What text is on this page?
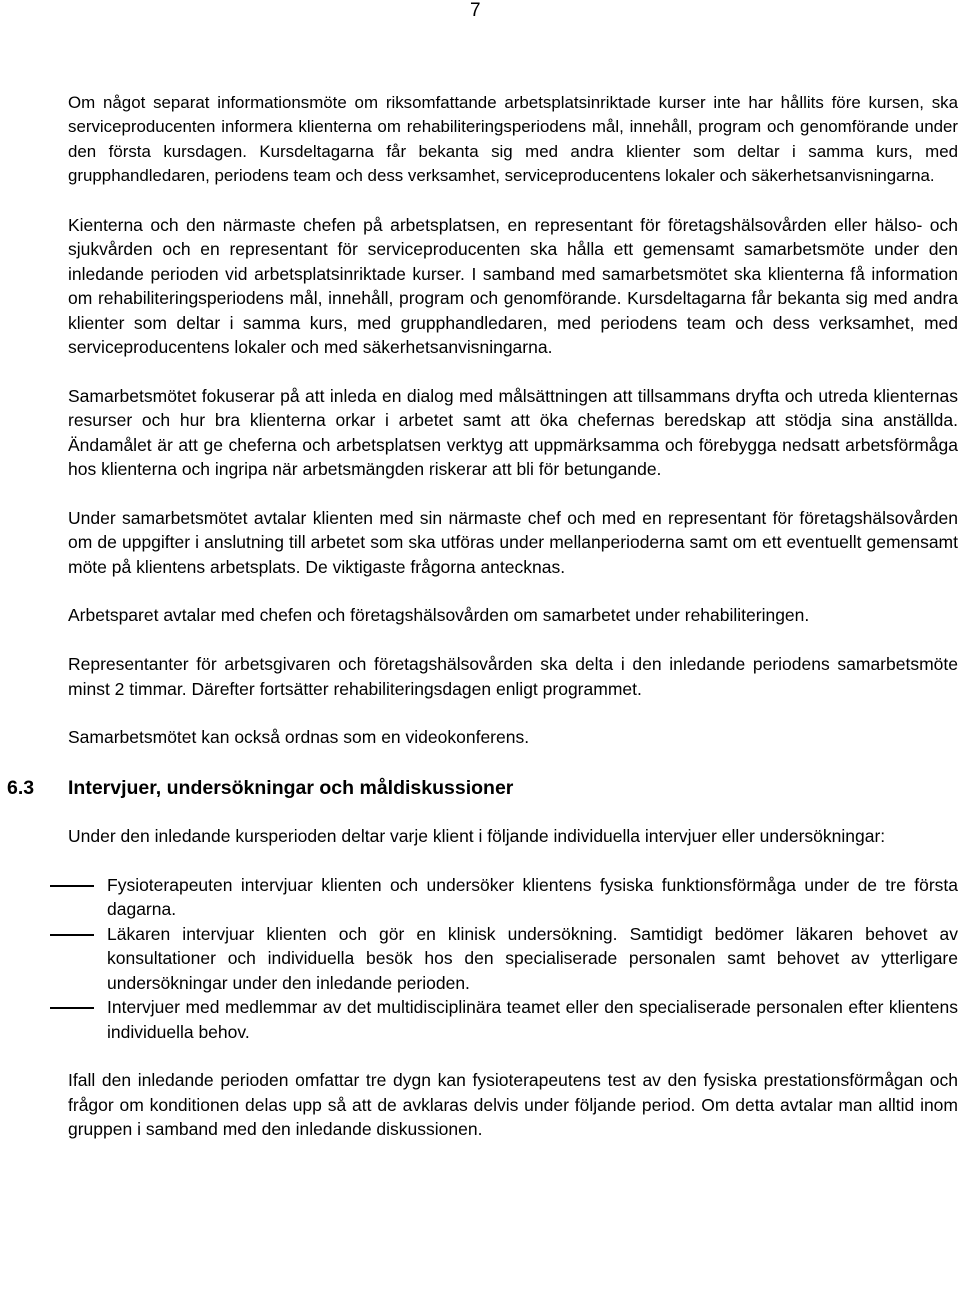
7

Om något separat informationsmöte om riksomfattande arbetsplatsinriktade kurser inte har hållits före kursen, ska serviceproducenten informera klienterna om rehabiliteringsperiodens mål, innehåll, program och genomförande under den första kursdagen. Kursdeltagarna får bekanta sig med andra klienter som deltar i samma kurs, med grupphandledaren, periodens team och dess verksamhet, serviceproducentens lokaler och säkerhetsanvisningarna.

Kienterna och den närmaste chefen på arbetsplatsen, en representant för företagshälsovården eller hälso- och sjukvården och en representant för serviceproducenten ska hålla ett gemensamt samarbetsmöte under den inledande perioden vid arbetsplatsinriktade kurser. I samband med samarbetsmötet ska klienterna få information om rehabiliteringsperiodens mål, innehåll, program och genomförande. Kursdeltagarna får bekanta sig med andra klienter som deltar i samma kurs, med grupphandledaren, med periodens team och dess verksamhet, med serviceproducentens lokaler och med säkerhetsanvisningarna.

Samarbetsmötet fokuserar på att inleda en dialog med målsättningen att tillsammans dryfta och utreda klienternas resurser och hur bra klienterna orkar i arbetet samt att öka chefernas beredskap att stödja sina anställda. Ändamålet är att ge cheferna och arbetsplatsen verktyg att uppmärksamma och förebygga nedsatt arbetsförmåga hos klienterna och ingripa när arbetsmängden riskerar att bli för betungande.

Under samarbetsmötet avtalar klienten med sin närmaste chef och med en representant för företagshälsovården om de uppgifter i anslutning till arbetet som ska utföras under mellanperioderna samt om ett eventuellt gemensamt möte på klientens arbetsplats. De viktigaste frågorna antecknas.

Arbetsparet avtalar med chefen och företagshälsovården om samarbetet under rehabiliteringen.

Representanter för arbetsgivaren och företagshälsovården ska delta i den inledande periodens samarbetsmöte minst 2 timmar. Därefter fortsätter rehabiliteringsdagen enligt programmet.

Samarbetsmötet kan också ordnas som en videokonferens.

6.3 Intervjuer, undersökningar och måldiskussioner

Under den inledande kursperioden deltar varje klient i följande individuella intervjuer eller undersökningar:

Fysioterapeuten intervjuar klienten och undersöker klientens fysiska funktionsförmåga under de tre första dagarna.
Läkaren intervjuar klienten och gör en klinisk undersökning. Samtidigt bedömer läkaren behovet av konsultationer och individuella besök hos den specialiserade personalen samt behovet av ytterligare undersökningar under den inledande perioden.
Intervjuer med medlemmar av det multidisciplinära teamet eller den specialiserade personalen efter klientens individuella behov.

Ifall den inledande perioden omfattar tre dygn kan fysioterapeutens test av den fysiska prestationsförmågan och frågor om konditionen delas upp så att de avklaras delvis under följande period. Om detta avtalar man alltid inom gruppen i samband med den inledande diskussionen.
